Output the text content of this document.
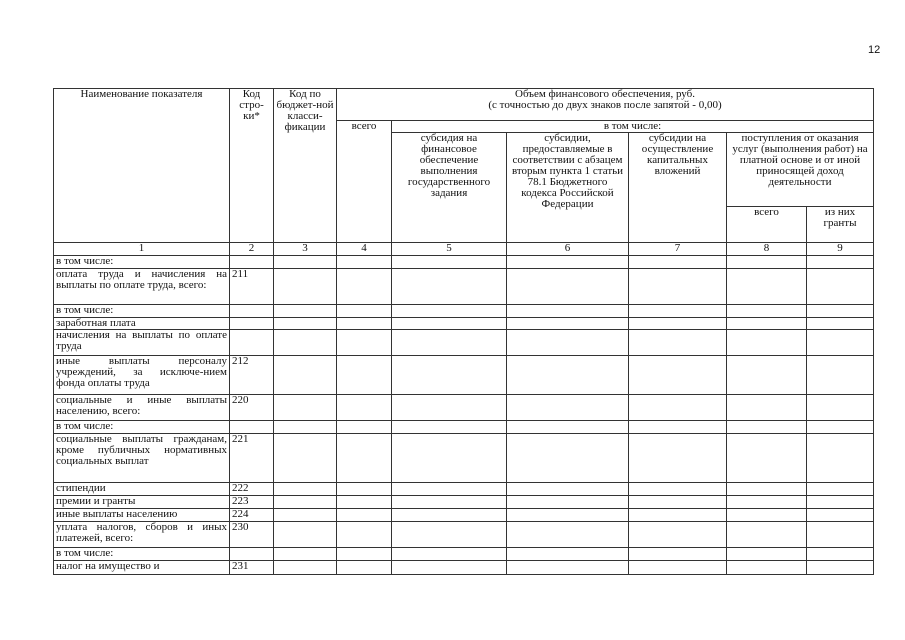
12
Наименование показателя	Код стро-ки*	Код по бюджет-ной класси-фикации	Объем финансового обеспечения, руб.
(с точностью до двух знаков после запятой - 0,00)					
			всего	в том числе:				
				субсидия на финансовое обеспечение выполнения государственного задания	субсидии, предоставляемые в соответствии с абзацем вторым пункта 1 статьи 78.1 Бюджетного кодекса Российской Федерации	субсидии на осуществление капитальных вложений	поступления от оказания услуг (выполнения работ) на платной основе и от иной приносящей доход деятельности	
							всего	из них гранты
1	2	3	4	5	6	7	8	9
в том числе:								
оплата труда и начисления на выплаты по оплате труда, всего:	211							
в том числе:								
заработная плата								
начисления на выплаты по оплате труда								
иные выплаты персоналу учреждений, за исключе-нием фонда оплаты труда	212							
социальные и иные выплаты населению, всего:	220							
в том числе:								
социальные выплаты гражданам, кроме публичных нормативных социальных выплат	221							
стипендии	222							
премии и гранты	223							
иные выплаты населению	224							
уплата налогов, сборов и иных платежей, всего:	230							
в том числе:								
налог на имущество и	231							
